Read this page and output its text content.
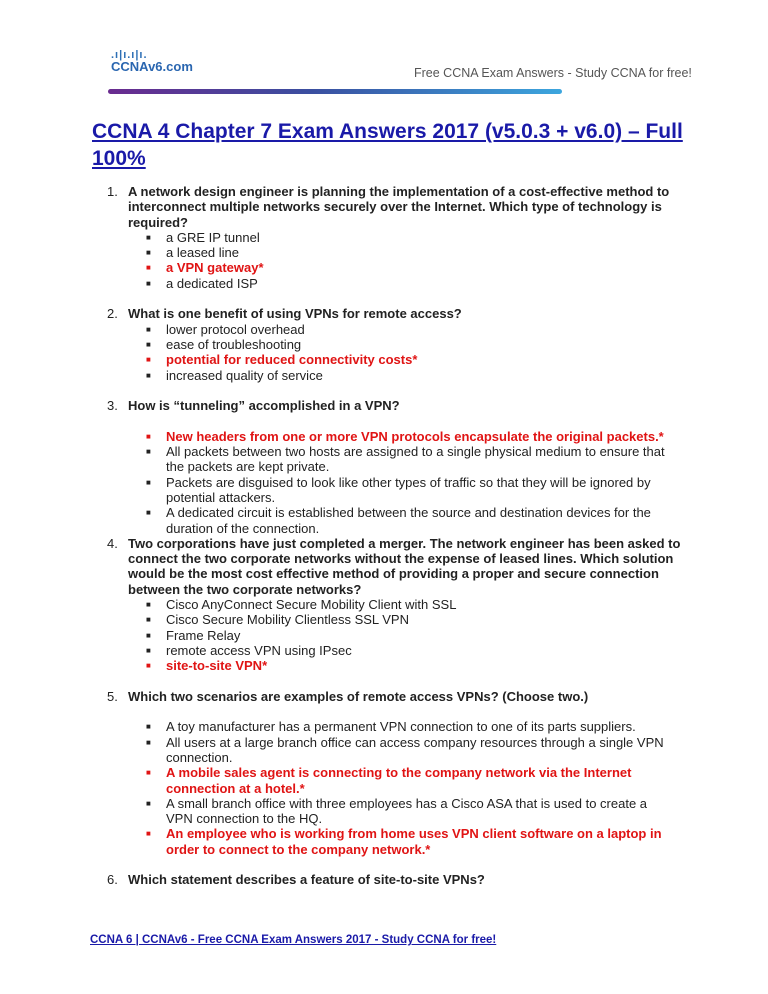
.ı|ı.ı|ı.
CCNAv6.com	Free CCNA Exam Answers - Study CCNA for free!
CCNA 4 Chapter 7 Exam Answers 2017 (v5.0.3 + v6.0) – Full 100%
1. A network design engineer is planning the implementation of a cost-effective method to interconnect multiple networks securely over the Internet. Which type of technology is required?
■ a GRE IP tunnel
■ a leased line
■ a VPN gateway*
■ a dedicated ISP
2. What is one benefit of using VPNs for remote access?
■ lower protocol overhead
■ ease of troubleshooting
■ potential for reduced connectivity costs*
■ increased quality of service
3. How is “tunneling” accomplished in a VPN?
■ New headers from one or more VPN protocols encapsulate the original packets.*
■ All packets between two hosts are assigned to a single physical medium to ensure that the packets are kept private.
■ Packets are disguised to look like other types of traffic so that they will be ignored by potential attackers.
■ A dedicated circuit is established between the source and destination devices for the duration of the connection.
4. Two corporations have just completed a merger. The network engineer has been asked to connect the two corporate networks without the expense of leased lines. Which solution would be the most cost effective method of providing a proper and secure connection between the two corporate networks?
■ Cisco AnyConnect Secure Mobility Client with SSL
■ Cisco Secure Mobility Clientless SSL VPN
■ Frame Relay
■ remote access VPN using IPsec
■ site-to-site VPN*
5. Which two scenarios are examples of remote access VPNs? (Choose two.)
■ A toy manufacturer has a permanent VPN connection to one of its parts suppliers.
■ All users at a large branch office can access company resources through a single VPN connection.
■ A mobile sales agent is connecting to the company network via the Internet connection at a hotel.*
■ A small branch office with three employees has a Cisco ASA that is used to create a VPN connection to the HQ.
■ An employee who is working from home uses VPN client software on a laptop in order to connect to the company network.*
6. Which statement describes a feature of site-to-site VPNs?
CCNA 6 | CCNAv6 - Free CCNA Exam Answers 2017 - Study CCNA for free!
